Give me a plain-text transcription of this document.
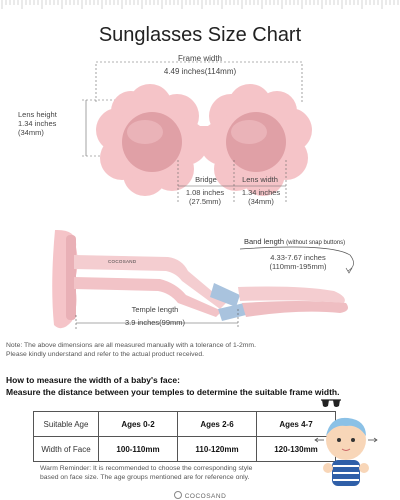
Sunglasses Size Chart
Frame width
4.49 inches(114mm)
Lens height
1.34 inches
(34mm)
Bridge
1.08 inches
(27.5mm)
Lens width
1.34 inches
(34mm)
COCOSAND
Band length (without snap buttons)
4.33-7.67 inches
(110mm-195mm)
Temple length
3.9 inches(99mm)
Note: The above dimensions are all measured manually with a tolerance of 1-2mm.
Please kindly understand and refer to the actual product received.
How to measure the width of a baby's face:
Measure the distance between your temples to determine the suitable frame width.
Suitable Age	Ages 0-2	Ages 2-6	Ages 4-7
Width of Face	100-110mm	110-120mm	120-130mm
Warm Reminder: It is recommended to choose the corresponding style
based on face size. The age groups mentioned are for reference only.
COCOSAND
